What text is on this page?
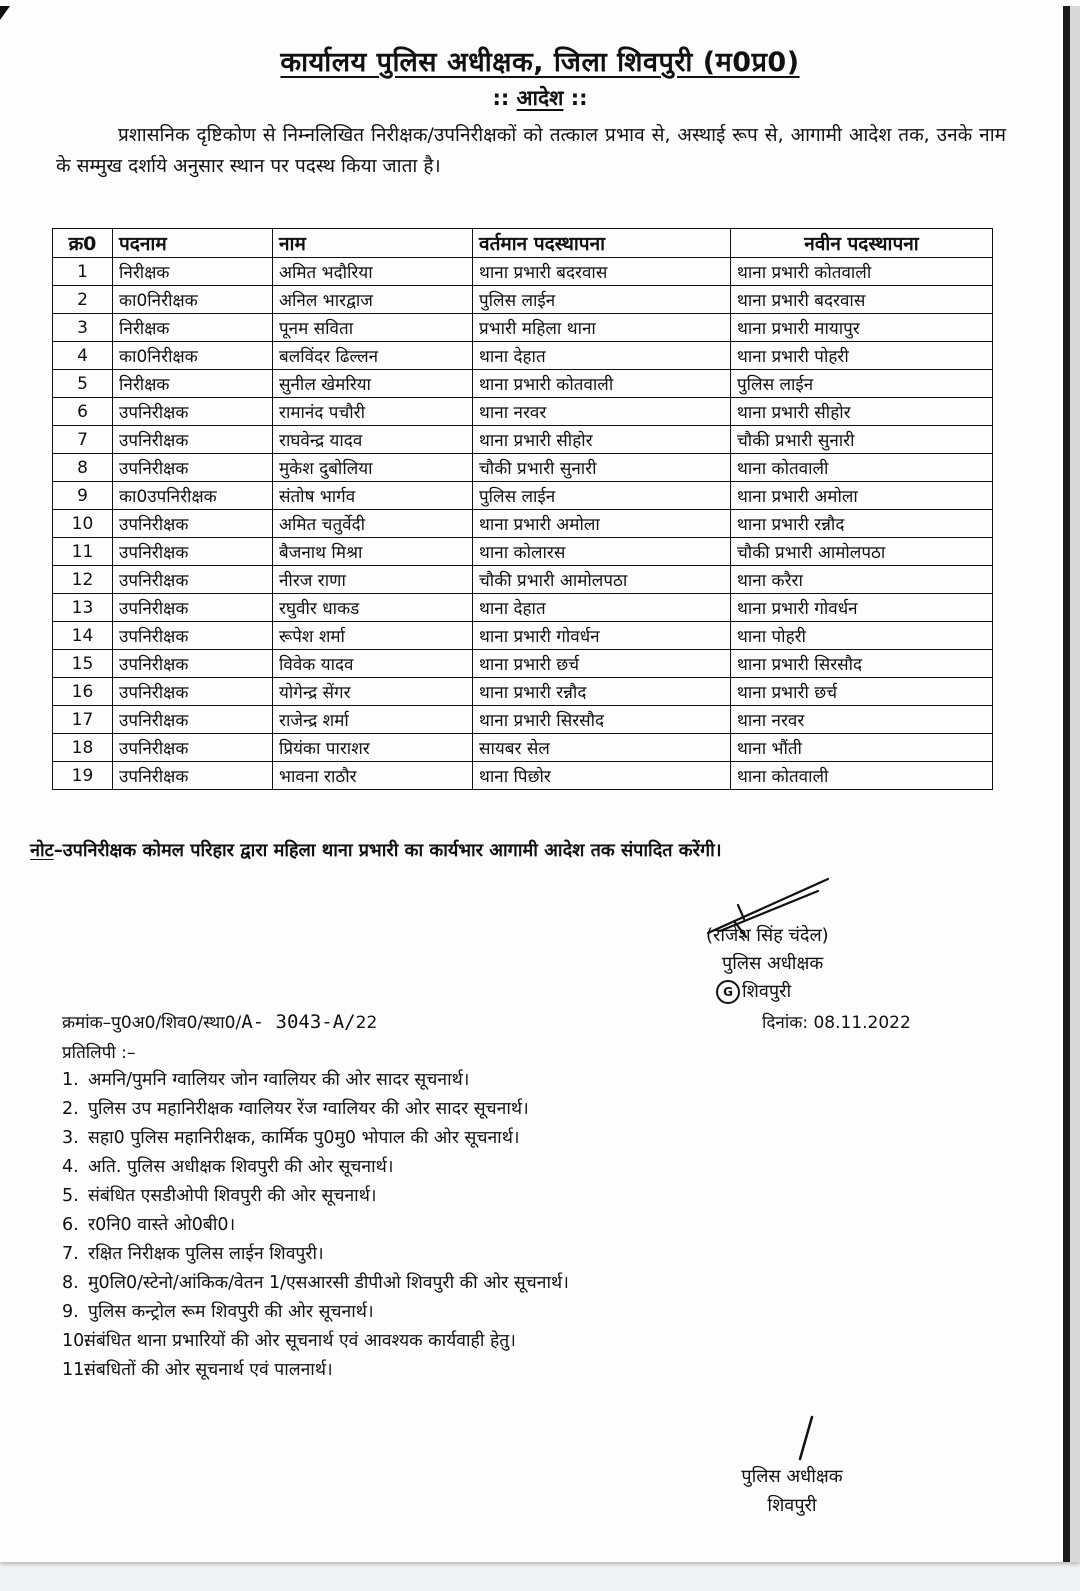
कार्यालय पुलिस अधीक्षक, जिला शिवपुरी (म0प्र0)
:: आदेश ::
प्रशासनिक दृष्टिकोण से निम्नलिखित निरीक्षक/उपनिरीक्षकों को तत्काल प्रभाव से, अस्थाई रूप से, आगामी आदेश तक, उनके नाम के सम्मुख दर्शाये अनुसार स्थान पर पदस्थ किया जाता है।
क्र0	पदनाम	नाम	वर्तमान पदस्थापना	नवीन पदस्थापना
1	निरीक्षक	अमित भदौरिया	थाना प्रभारी बदरवास	थाना प्रभारी कोतवाली
2	का0निरीक्षक	अनिल भारद्वाज	पुलिस लाईन	थाना प्रभारी बदरवास
3	निरीक्षक	पूनम सविता	प्रभारी महिला थाना	थाना प्रभारी मायापुर
4	का0निरीक्षक	बलविंदर ढिल्लन	थाना देहात	थाना प्रभारी पोहरी
5	निरीक्षक	सुनील खेमरिया	थाना प्रभारी कोतवाली	पुलिस लाईन
6	उपनिरीक्षक	रामानंद पचौरी	थाना नरवर	थाना प्रभारी सीहोर
7	उपनिरीक्षक	राघवेन्द्र यादव	थाना प्रभारी सीहोर	चौकी प्रभारी सुनारी
8	उपनिरीक्षक	मुकेश दुबोलिया	चौकी प्रभारी सुनारी	थाना कोतवाली
9	का0उपनिरीक्षक	संतोष भार्गव	पुलिस लाईन	थाना प्रभारी अमोला
10	उपनिरीक्षक	अमित चतुर्वेदी	थाना प्रभारी अमोला	थाना प्रभारी रन्नौद
11	उपनिरीक्षक	बैजनाथ मिश्रा	थाना कोलारस	चौकी प्रभारी आमोलपठा
12	उपनिरीक्षक	नीरज राणा	चौकी प्रभारी आमोलपठा	थाना करैरा
13	उपनिरीक्षक	रघुवीर धाकड	थाना देहात	थाना प्रभारी गोवर्धन
14	उपनिरीक्षक	रूपेश शर्मा	थाना प्रभारी गोवर्धन	थाना पोहरी
15	उपनिरीक्षक	विवेक यादव	थाना प्रभारी छर्च	थाना प्रभारी सिरसौद
16	उपनिरीक्षक	योगेन्द्र सेंगर	थाना प्रभारी रन्नौद	थाना प्रभारी छर्च
17	उपनिरीक्षक	राजेन्द्र शर्मा	थाना प्रभारी सिरसौद	थाना नरवर
18	उपनिरीक्षक	प्रियंका पाराशर	सायबर सेल	थाना भौंती
19	उपनिरीक्षक	भावना राठौर	थाना पिछोर	थाना कोतवाली
नोट–उपनिरीक्षक कोमल परिहार द्वारा महिला थाना प्रभारी का कार्यभार आगामी आदेश तक संपादित करेंगी।
(राजेश सिंह चंदेल)
पुलिस अधीक्षक
G शिवपुरी
क्रमांक–पु0अ0/शिव0/स्था0/A- 3043-A/22	दिनांक: 08.11.2022
प्रतिलिपी :–
1. अमनि/पुमनि ग्वालियर जोन ग्वालियर की ओर सादर सूचनार्थ।
2. पुलिस उप महानिरीक्षक ग्वालियर रेंज ग्वालियर की ओर सादर सूचनार्थ।
3. सहा0 पुलिस महानिरीक्षक, कार्मिक पु0मु0 भोपाल की ओर सूचनार्थ।
4. अति. पुलिस अधीक्षक शिवपुरी की ओर सूचनार्थ।
5. संबंधित एसडीओपी शिवपुरी की ओर सूचनार्थ।
6. र0नि0 वास्ते ओ0बी0।
7. रक्षित निरीक्षक पुलिस लाईन शिवपुरी।
8. मु0लि0/स्टेनो/आंकिक/वेतन 1/एसआरसी डीपीओ शिवपुरी की ओर सूचनार्थ।
9. पुलिस कन्ट्रोल रूम शिवपुरी की ओर सूचनार्थ।
10.
संबंधित थाना प्रभारियों की ओर सूचनार्थ एवं आवश्यक कार्यवाही हेतु।
11.
संबधितों की ओर सूचनार्थ एवं पालनार्थ।
पुलिस अधीक्षक
शिवपुरी
